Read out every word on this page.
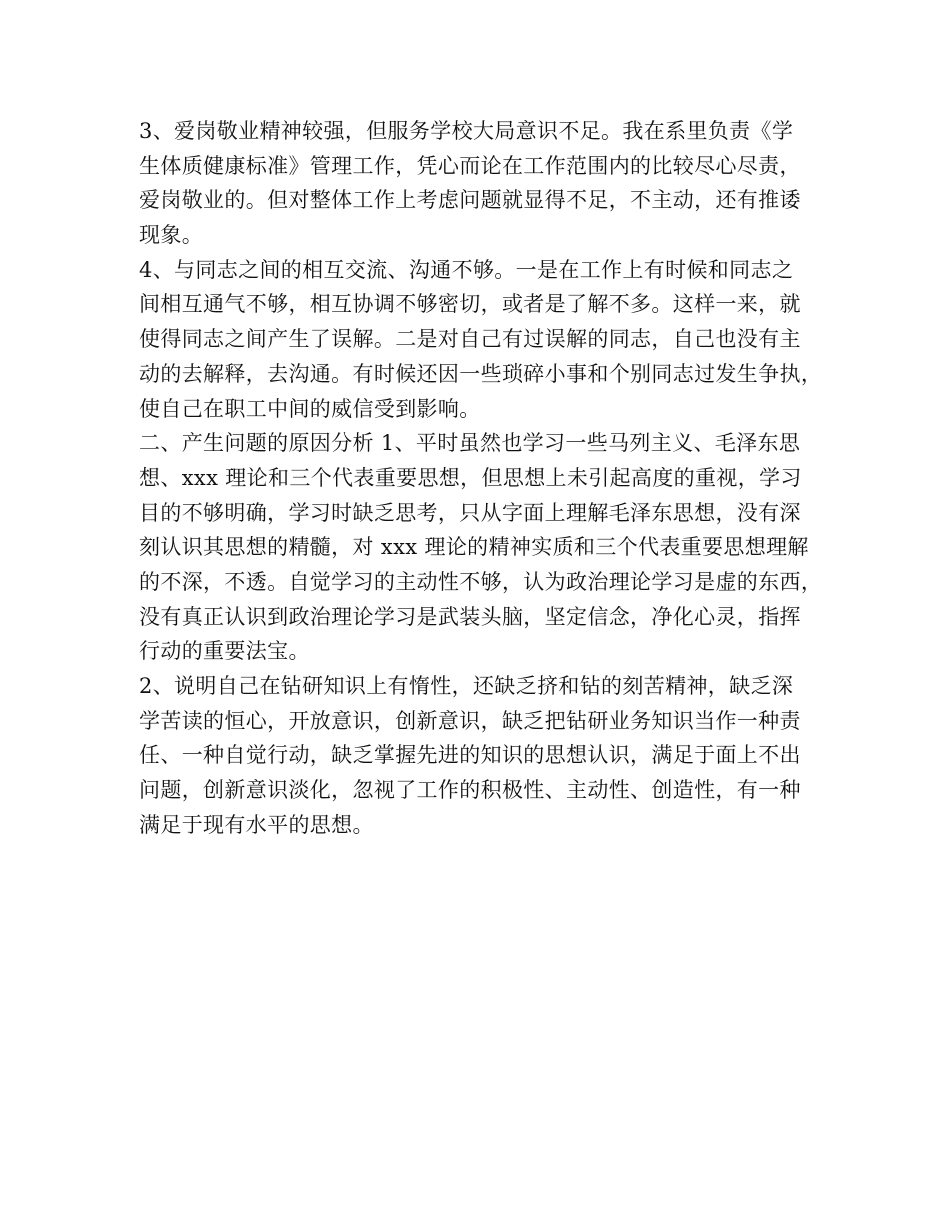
3、爱岗敬业精神较强，但服务学校大局意识不足。我在系里负责《学
生体质健康标准》管理工作，凭心而论在工作范围内的比较尽心尽责，
爱岗敬业的。但对整体工作上考虑问题就显得不足，不主动，还有推诿
现象。
4、与同志之间的相互交流、沟通不够。一是在工作上有时候和同志之
间相互通气不够，相互协调不够密切，或者是了解不多。这样一来，就
使得同志之间产生了误解。二是对自己有过误解的同志，自己也没有主
动的去解释，去沟通。有时候还因一些琐碎小事和个别同志过发生争执，
使自己在职工中间的威信受到影响。
二、产生问题的原因分析 1、平时虽然也学习一些马列主义、毛泽东思
想、xxx 理论和三个代表重要思想，但思想上未引起高度的重视，学习
目的不够明确，学习时缺乏思考，只从字面上理解毛泽东思想，没有深
刻认识其思想的精髓，对 xxx 理论的精神实质和三个代表重要思想理解
的不深，不透。自觉学习的主动性不够，认为政治理论学习是虚的东西，
没有真正认识到政治理论学习是武装头脑，坚定信念，净化心灵，指挥
行动的重要法宝。
2、说明自己在钻研知识上有惰性，还缺乏挤和钻的刻苦精神，缺乏深
学苦读的恒心，开放意识，创新意识，缺乏把钻研业务知识当作一种责
任、一种自觉行动，缺乏掌握先进的知识的思想认识，满足于面上不出
问题，创新意识淡化，忽视了工作的积极性、主动性、创造性，有一种
满足于现有水平的思想。
